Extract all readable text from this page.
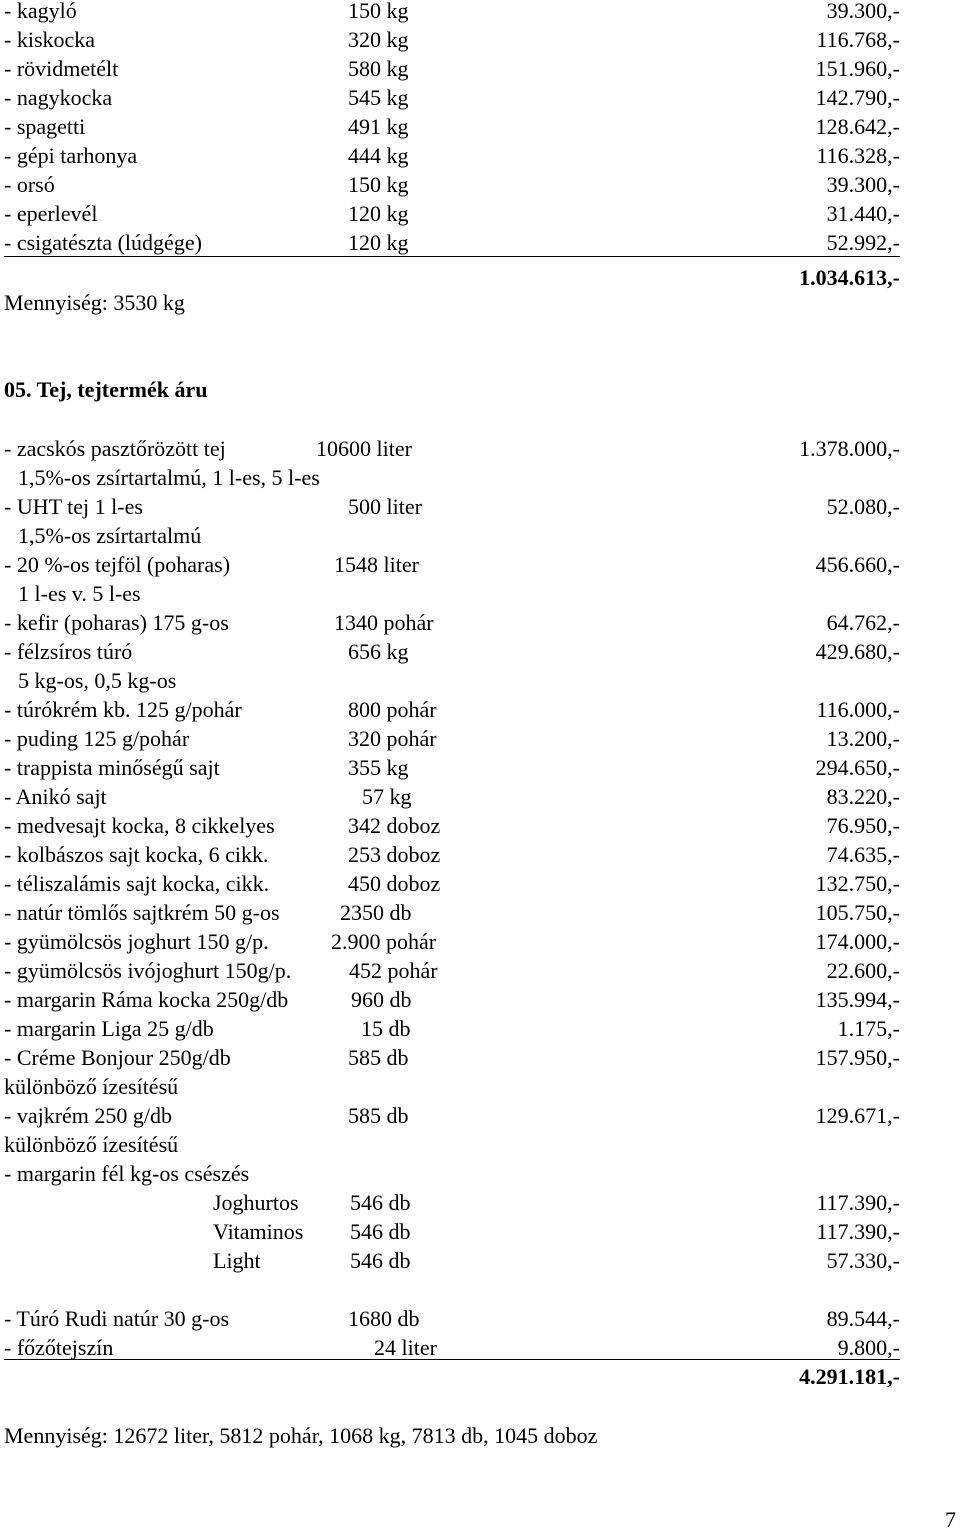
- kagyló	150 kg	39.300,-
- kiskocka	320 kg	116.768,-
- rövidmetélt	580 kg	151.960,-
- nagykocka	545 kg	142.790,-
- spagetti	491 kg	128.642,-
- gépi tarhonya	444 kg	116.328,-
- orsó	150 kg	39.300,-
- eperlevél	120 kg	31.440,-
- csigatészta (lúdgége)	120 kg	52.992,-
1.034.613,-
Mennyiség: 3530 kg
05. Tej, tejtermék áru
- zacskós pasztőrözött tej	10600 liter	1.378.000,-
1,5%-os zsírtartalmú, 1 l-es, 5 l-es
- UHT tej 1 l-es	500 liter	52.080,-
1,5%-os zsírtartalmú
- 20 %-os tejföl (poharas)	1548 liter	456.660,-
1 l-es v. 5 l-es
- kefir (poharas) 175 g-os	1340 pohár	64.762,-
- félzsíros túró	656 kg	429.680,-
5 kg-os, 0,5 kg-os
- túrókrém kb. 125 g/pohár	800 pohár	116.000,-
- puding 125 g/pohár	320 pohár	13.200,-
- trappista minőségű sajt	355 kg	294.650,-
- Anikó sajt	57 kg	83.220,-
- medvesajt kocka, 8 cikkelyes	342 doboz	76.950,-
- kolbászos sajt kocka, 6 cikk.	253 doboz	74.635,-
- téliszalámis sajt kocka, cikk.	450 doboz	132.750,-
- natúr tömlős sajtkrém 50 g-os	2350 db	105.750,-
- gyümölcsös joghurt 150 g/p.	2.900 pohár	174.000,-
- gyümölcsös ivójoghurt 150g/p.	452 pohár	22.600,-
- margarin Ráma kocka 250g/db	960 db	135.994,-
- margarin Liga 25 g/db	15 db	1.175,-
- Créme Bonjour 250g/db	585 db	157.950,-
különböző ízesítésű
- vajkrém 250 g/db	585 db	129.671,-
különböző ízesítésű
- margarin fél kg-os csészés
Joghurtos 546 db	117.390,-
Vitaminos 546 db	117.390,-
Light	546 db	57.330,-
- Túró Rudi natúr 30 g-os	1680 db	89.544,-
- főzőtejszín	24 liter	9.800,-
4.291.181,-
Mennyiség: 12672 liter, 5812 pohár, 1068 kg, 7813 db, 1045 doboz
7
